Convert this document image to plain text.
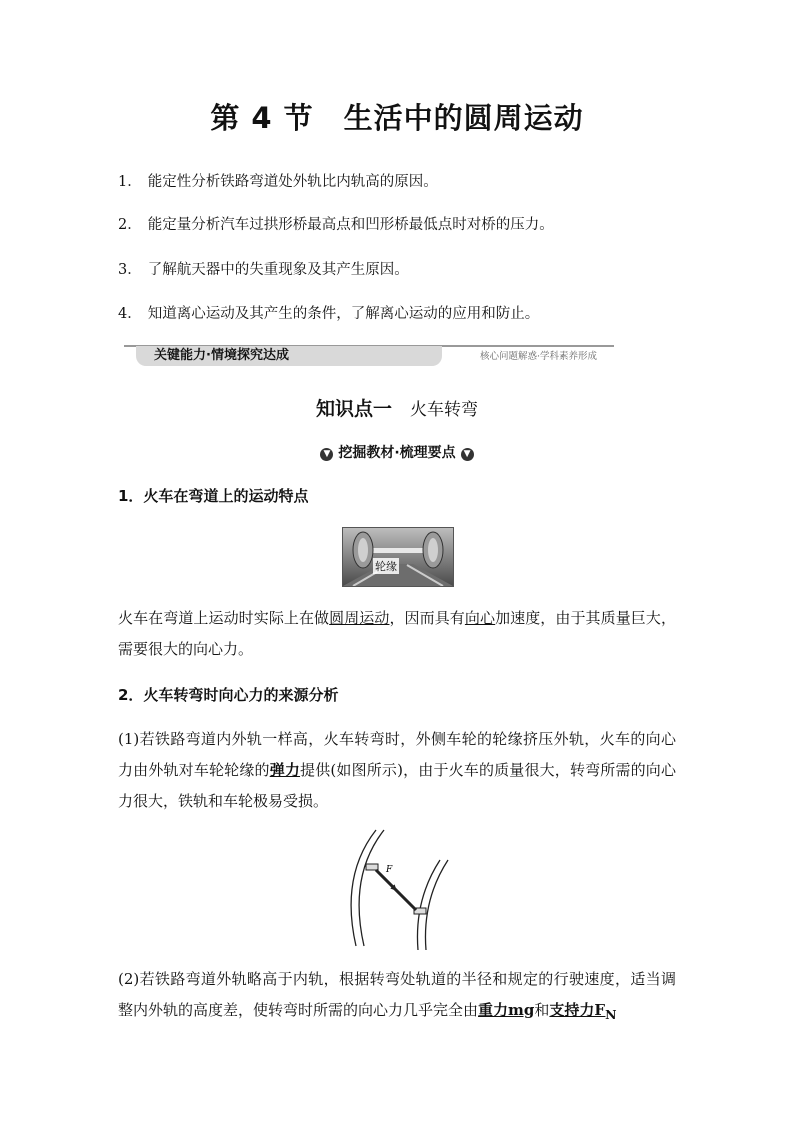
第 4 节　生活中的圆周运动
1． 能定性分析铁路弯道处外轨比内轨高的原因。
2． 能定量分析汽车过拱形桥最高点和凹形桥最低点时对桥的压力。
3． 了解航天器中的失重现象及其产生原因。
4． 知道离心运动及其产生的条件，了解离心运动的应用和防止。
关键能力·情境探究达成	核心问题解惑·学科素养形成
知识点一 火车转弯
▼ 挖掘教材·梳理要点 ▼
1．火车在弯道上的运动特点
轮缘
火车在弯道上运动时实际上在做圆周运动，因而具有向心加速度，由于其质量巨大，需要很大的向心力。
2．火车转弯时向心力的来源分析
(1)若铁路弯道内外轨一样高，火车转弯时，外侧车轮的轮缘挤压外轨，火车的向心力由外轨对车轮轮缘的弹力提供(如图所示)，由于火车的质量很大，转弯所需的向心力很大，铁轨和车轮极易受损。
F
(2)若铁路弯道外轨略高于内轨，根据转弯处轨道的半径和规定的行驶速度，适当调整内外轨的高度差，使转弯时所需的向心力几乎完全由重力mg和支持力$F_N$
